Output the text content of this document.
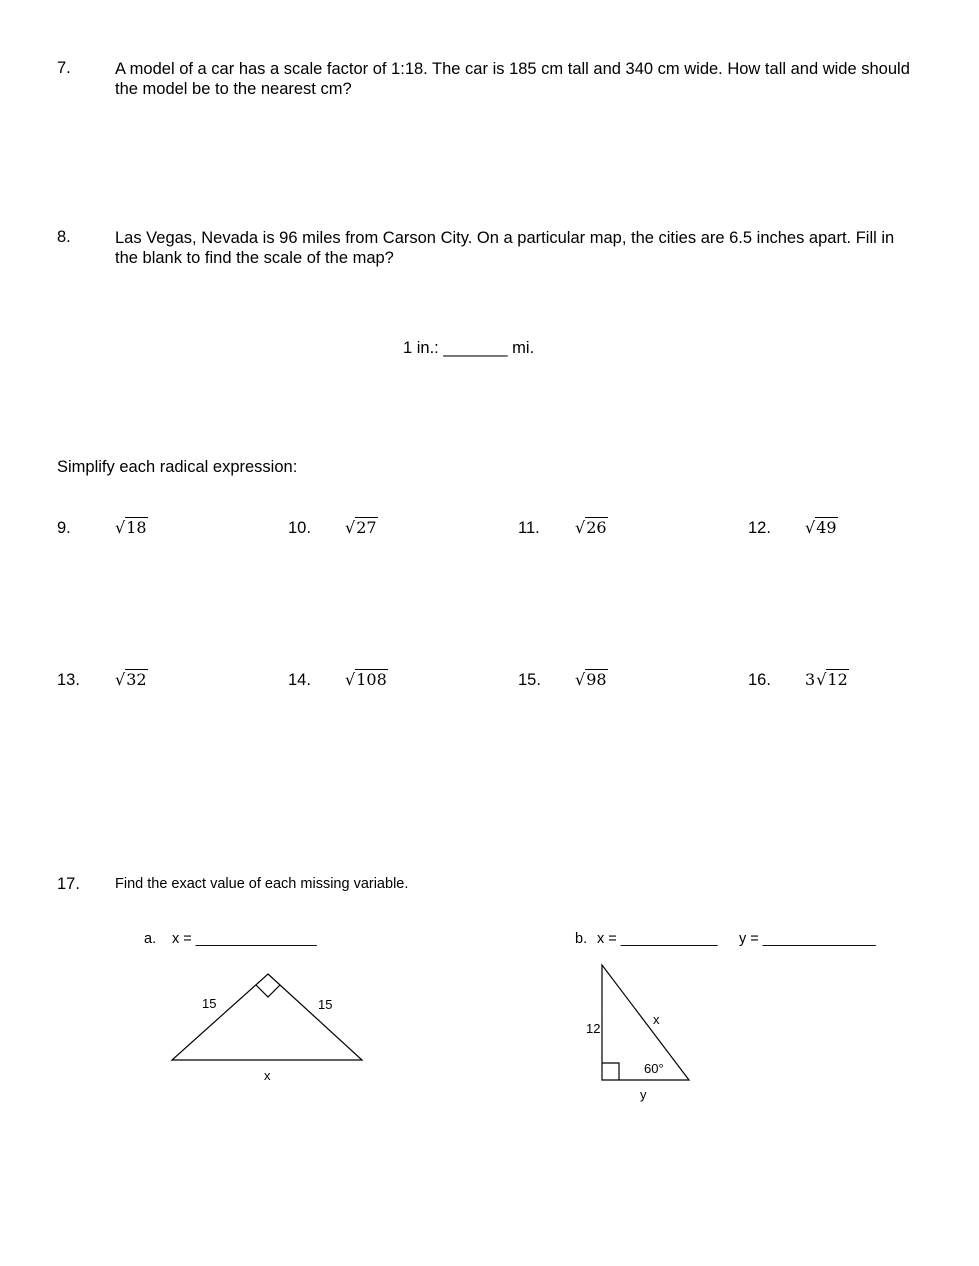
7.	A model of a car has a scale factor of 1:18. The car is 185 cm tall and 340 cm wide. How tall and wide should the model be to the nearest cm?
8.	Las Vegas, Nevada is 96 miles from Carson City. On a particular map, the cities are 6.5 inches apart. Fill in the blank to find the scale of the map?
1 in.: _______ mi.
Simplify each radical expression:
9.	√18	10. √27	11. √26	12. √49
13. √32	14. √108	15. √98	16. 3√12
17. Find the exact value of each missing variable.
a. x = _______________
15	15
x
b. x = ____________ y = ______________
12
x
60°
y
